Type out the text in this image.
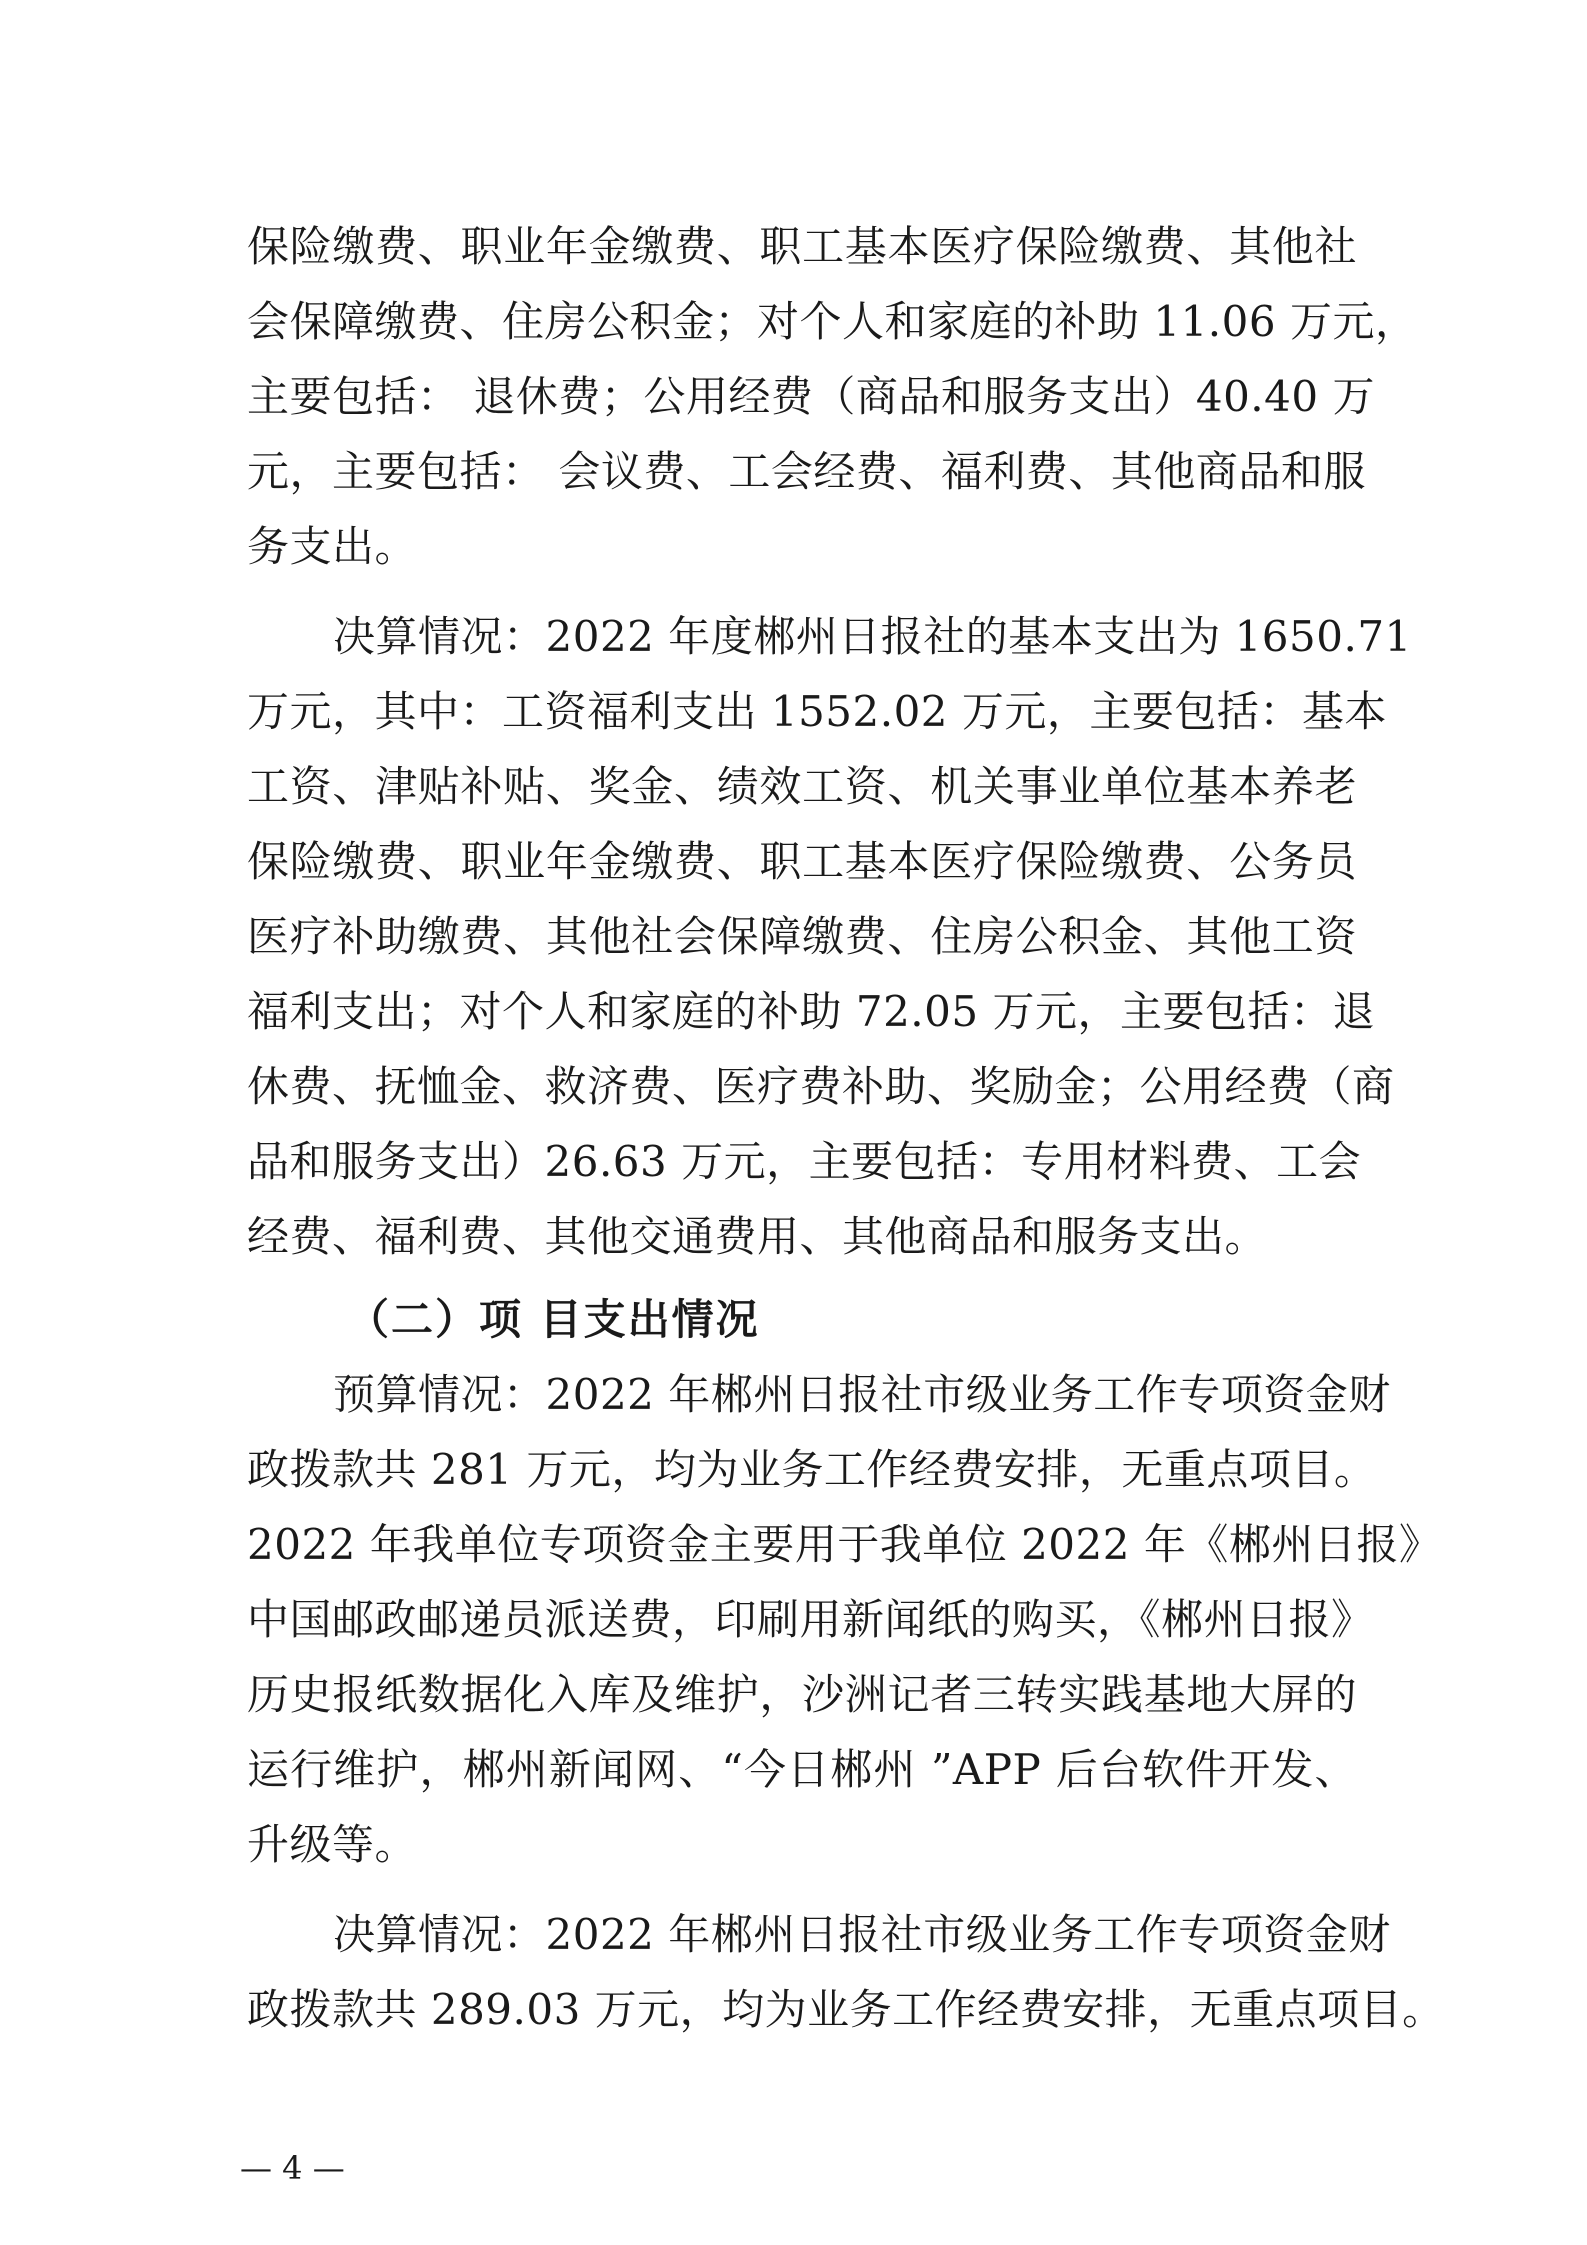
保险缴费、职业年金缴费、职工基本医疗保险缴费、其他社
会保障缴费、住房公积金；对个人和家庭的补助 11.06 万元，
主要包括： 退休费；公用经费（商品和服务支出）40.40 万
元，主要包括： 会议费、工会经费、福利费、其他商品和服
务支出。
决算情况：2022 年度郴州日报社的基本支出为 1650.71
万元，其中：工资福利支出 1552.02 万元，主要包括：基本
工资、津贴补贴、奖金、绩效工资、机关事业单位基本养老
保险缴费、职业年金缴费、职工基本医疗保险缴费、公务员
医疗补助缴费、其他社会保障缴费、住房公积金、其他工资
福利支出；对个人和家庭的补助 72.05 万元，主要包括：退
休费、抚恤金、救济费、医疗费补助、奖励金；公用经费（商
品和服务支出）26.63 万元，主要包括：专用材料费、工会
经费、福利费、其他交通费用、其他商品和服务支出。
（二）项 目支出情况
预算情况：2022 年郴州日报社市级业务工作专项资金财
政拨款共 281 万元，均为业务工作经费安排，无重点项目。
2022 年我单位专项资金主要用于我单位 2022 年《郴州日报》
中国邮政邮递员派送费，印刷用新闻纸的购买，《郴州日报》
历史报纸数据化入库及维护，沙洲记者三转实践基地大屏的
运行维护，郴州新闻网、“今日郴州 ”APP 后台软件开发、
升级等。
决算情况：2022 年郴州日报社市级业务工作专项资金财
政拨款共 289.03 万元，均为业务工作经费安排，无重点项目。
— 4 —
